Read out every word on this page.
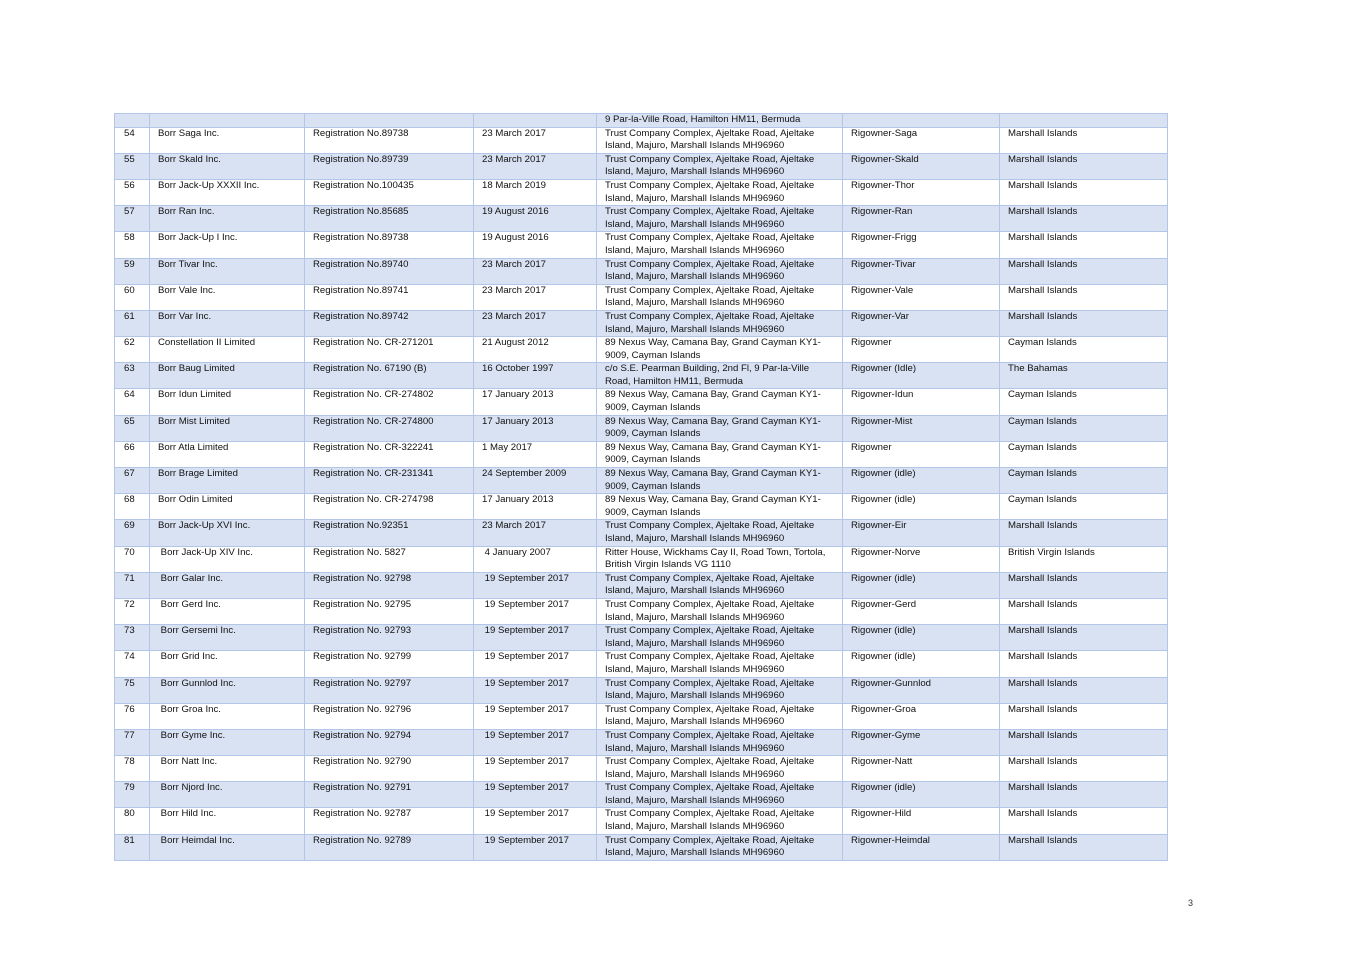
				9 Par-la-Ville Road, Hamilton HM11, Bermuda		
54	Borr Saga Inc.	Registration No.89738	23 March 2017	Trust Company Complex, Ajeltake Road, Ajeltake Island, Majuro, Marshall Islands MH96960	Rigowner-Saga	Marshall Islands
55	Borr Skald Inc.	Registration No.89739	23 March 2017	Trust Company Complex, Ajeltake Road, Ajeltake Island, Majuro, Marshall Islands MH96960	Rigowner-Skald	Marshall Islands
56	Borr Jack-Up XXXII Inc.	Registration No.100435	18 March 2019	Trust Company Complex, Ajeltake Road, Ajeltake Island, Majuro, Marshall Islands MH96960	Rigowner-Thor	Marshall Islands
57	Borr Ran Inc.	Registration No.85685	19 August 2016	Trust Company Complex, Ajeltake Road, Ajeltake Island, Majuro, Marshall Islands MH96960	Rigowner-Ran	Marshall Islands
58	Borr Jack-Up I Inc.	Registration No.89738	19 August 2016	Trust Company Complex, Ajeltake Road, Ajeltake Island, Majuro, Marshall Islands MH96960	Rigowner-Frigg	Marshall Islands
59	Borr Tivar Inc.	Registration No.89740	23 March 2017	Trust Company Complex, Ajeltake Road, Ajeltake Island, Majuro, Marshall Islands MH96960	Rigowner-Tivar	Marshall Islands
60	Borr Vale Inc.	Registration No.89741	23 March 2017	Trust Company Complex, Ajeltake Road, Ajeltake Island, Majuro, Marshall Islands MH96960	Rigowner-Vale	Marshall Islands
61	Borr Var Inc.	Registration No.89742	23 March 2017	Trust Company Complex, Ajeltake Road, Ajeltake Island, Majuro, Marshall Islands MH96960	Rigowner-Var	Marshall Islands
62	Constellation II Limited	Registration No. CR-271201	21 August 2012	89 Nexus Way, Camana Bay, Grand Cayman KY1-9009, Cayman Islands	Rigowner	Cayman Islands
63	Borr Baug Limited	Registration No. 67190 (B)	16 October 1997	c/o S.E. Pearman Building, 2nd Fl, 9 Par-la-Ville Road, Hamilton HM11, Bermuda	Rigowner (Idle)	The Bahamas
64	Borr Idun Limited	Registration No. CR-274802	17 January 2013	89 Nexus Way, Camana Bay, Grand Cayman KY1-9009, Cayman Islands	Rigowner-Idun	Cayman Islands
65	Borr Mist Limited	Registration No. CR-274800	17 January 2013	89 Nexus Way, Camana Bay, Grand Cayman KY1-9009, Cayman Islands	Rigowner-Mist	Cayman Islands
66	Borr Atla Limited	Registration No. CR-322241	1 May 2017	89 Nexus Way, Camana Bay, Grand Cayman KY1-9009, Cayman Islands	Rigowner	Cayman Islands
67	Borr Brage Limited	Registration No. CR-231341	24 September 2009	89 Nexus Way, Camana Bay, Grand Cayman KY1-9009, Cayman Islands	Rigowner (idle)	Cayman Islands
68	Borr Odin Limited	Registration No. CR-274798	17 January 2013	89 Nexus Way, Camana Bay, Grand Cayman KY1-9009, Cayman Islands	Rigowner (idle)	Cayman Islands
69	Borr Jack-Up XVI Inc.	Registration No.92351	23 March 2017	Trust Company Complex, Ajeltake Road, Ajeltake Island, Majuro, Marshall Islands MH96960	Rigowner-Eir	Marshall Islands
70	Borr Jack-Up XIV Inc.	Registration No. 5827	4 January 2007	Ritter House, Wickhams Cay II, Road Town, Tortola, British Virgin Islands VG 1110	Rigowner-Norve	British Virgin Islands
71	Borr Galar Inc.	Registration No. 92798	19 September 2017	Trust Company Complex, Ajeltake Road, Ajeltake Island, Majuro, Marshall Islands MH96960	Rigowner (idle)	Marshall Islands
72	Borr Gerd Inc.	Registration No. 92795	19 September 2017	Trust Company Complex, Ajeltake Road, Ajeltake Island, Majuro, Marshall Islands MH96960	Rigowner-Gerd	Marshall Islands
73	Borr Gersemi Inc.	Registration No. 92793	19 September 2017	Trust Company Complex, Ajeltake Road, Ajeltake Island, Majuro, Marshall Islands MH96960	Rigowner (idle)	Marshall Islands
74	Borr Grid Inc.	Registration No. 92799	19 September 2017	Trust Company Complex, Ajeltake Road, Ajeltake Island, Majuro, Marshall Islands MH96960	Rigowner (idle)	Marshall Islands
75	Borr Gunnlod Inc.	Registration No. 92797	19 September 2017	Trust Company Complex, Ajeltake Road, Ajeltake Island, Majuro, Marshall Islands MH96960	Rigowner-Gunnlod	Marshall Islands
76	Borr Groa Inc.	Registration No. 92796	19 September 2017	Trust Company Complex, Ajeltake Road, Ajeltake Island, Majuro, Marshall Islands MH96960	Rigowner-Groa	Marshall Islands
77	Borr Gyme Inc.	Registration No. 92794	19 September 2017	Trust Company Complex, Ajeltake Road, Ajeltake Island, Majuro, Marshall Islands MH96960	Rigowner-Gyme	Marshall Islands
78	Borr Natt Inc.	Registration No. 92790	19 September 2017	Trust Company Complex, Ajeltake Road, Ajeltake Island, Majuro, Marshall Islands MH96960	Rigowner-Natt	Marshall Islands
79	Borr Njord Inc.	Registration No. 92791	19 September 2017	Trust Company Complex, Ajeltake Road, Ajeltake Island, Majuro, Marshall Islands MH96960	Rigowner (idle)	Marshall Islands
80	Borr Hild Inc.	Registration No. 92787	19 September 2017	Trust Company Complex, Ajeltake Road, Ajeltake Island, Majuro, Marshall Islands MH96960	Rigowner-Hild	Marshall Islands
81	Borr Heimdal Inc.	Registration No. 92789	19 September 2017	Trust Company Complex, Ajeltake Road, Ajeltake Island, Majuro, Marshall Islands MH96960	Rigowner-Heimdal	Marshall Islands
3
